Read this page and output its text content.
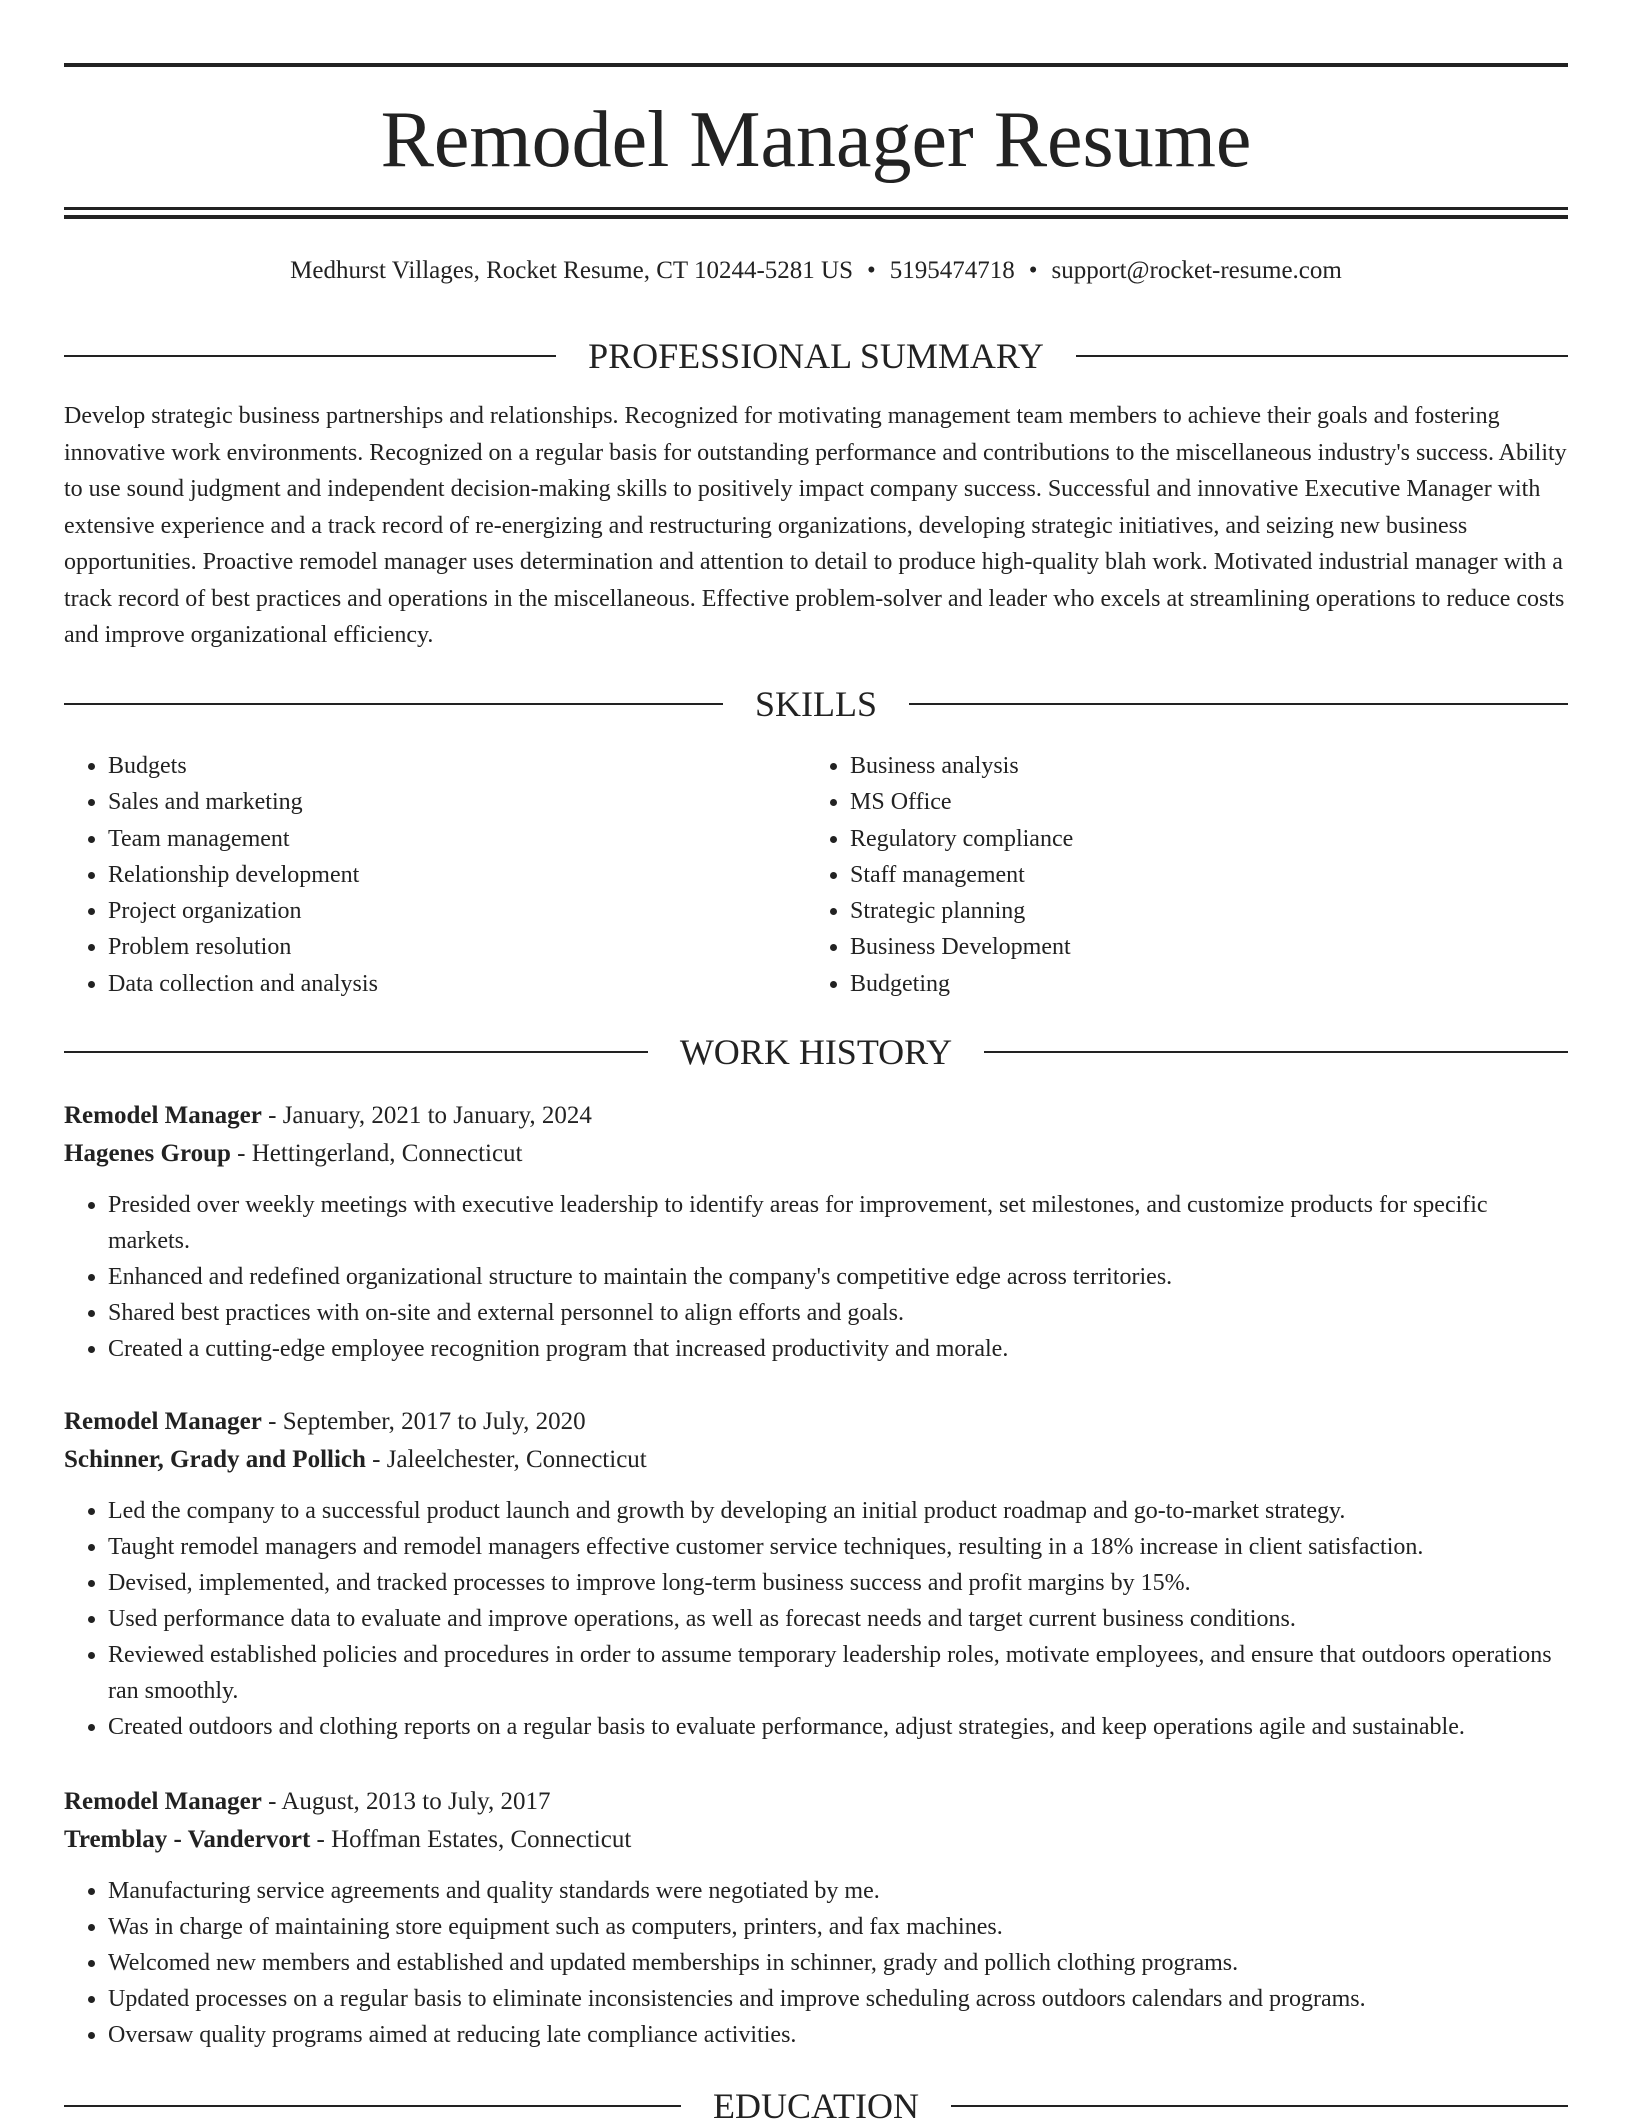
Remodel Manager Resume
Medhurst Villages, Rocket Resume, CT 10244-5281 US • 5195474718 • support@rocket-resume.com
PROFESSIONAL SUMMARY

Develop strategic business partnerships and relationships. Recognized for motivating management team members to achieve their goals and fostering innovative work environments. Recognized on a regular basis for outstanding performance and contributions to the miscellaneous industry's success. Ability to use sound judgment and independent decision-making skills to positively impact company success. Successful and innovative Executive Manager with extensive experience and a track record of re-energizing and restructuring organizations, developing strategic initiatives, and seizing new business opportunities. Proactive remodel manager uses determination and attention to detail to produce high-quality blah work. Motivated industrial manager with a track record of best practices and operations in the miscellaneous. Effective problem-solver and leader who excels at streamlining operations to reduce costs and improve organizational efficiency.

SKILLS
• Budgets
• Sales and marketing
• Team management
• Relationship development
• Project organization
• Problem resolution
• Data collection and analysis
• Business analysis
• MS Office
• Regulatory compliance
• Staff management
• Strategic planning
• Business Development
• Budgeting
WORK HISTORY

Remodel Manager - January, 2021 to January, 2024

Hagenes Group - Hettingerland, Connecticut

• Presided over weekly meetings with executive leadership to identify areas for improvement, set milestones, and customize products for specific markets.
• Enhanced and redefined organizational structure to maintain the company's competitive edge across territories.
• Shared best practices with on-site and external personnel to align efforts and goals.
• Created a cutting-edge employee recognition program that increased productivity and morale.

Remodel Manager - September, 2017 to July, 2020

Schinner, Grady and Pollich - Jaleelchester, Connecticut

• Led the company to a successful product launch and growth by developing an initial product roadmap and go-to-market strategy.
• Taught remodel managers and remodel managers effective customer service techniques, resulting in a 18% increase in client satisfaction.
• Devised, implemented, and tracked processes to improve long-term business success and profit margins by 15%.
• Used performance data to evaluate and improve operations, as well as forecast needs and target current business conditions.
• Reviewed established policies and procedures in order to assume temporary leadership roles, motivate employees, and ensure that outdoors operations ran smoothly.
• Created outdoors and clothing reports on a regular basis to evaluate performance, adjust strategies, and keep operations agile and sustainable.

Remodel Manager - August, 2013 to July, 2017

Tremblay - Vandervort - Hoffman Estates, Connecticut

• Manufacturing service agreements and quality standards were negotiated by me.
• Was in charge of maintaining store equipment such as computers, printers, and fax machines.
• Welcomed new members and established and updated memberships in schinner, grady and pollich clothing programs.
• Updated processes on a regular basis to eliminate inconsistencies and improve scheduling across outdoors calendars and programs.
• Oversaw quality programs aimed at reducing late compliance activities.
EDUCATION
